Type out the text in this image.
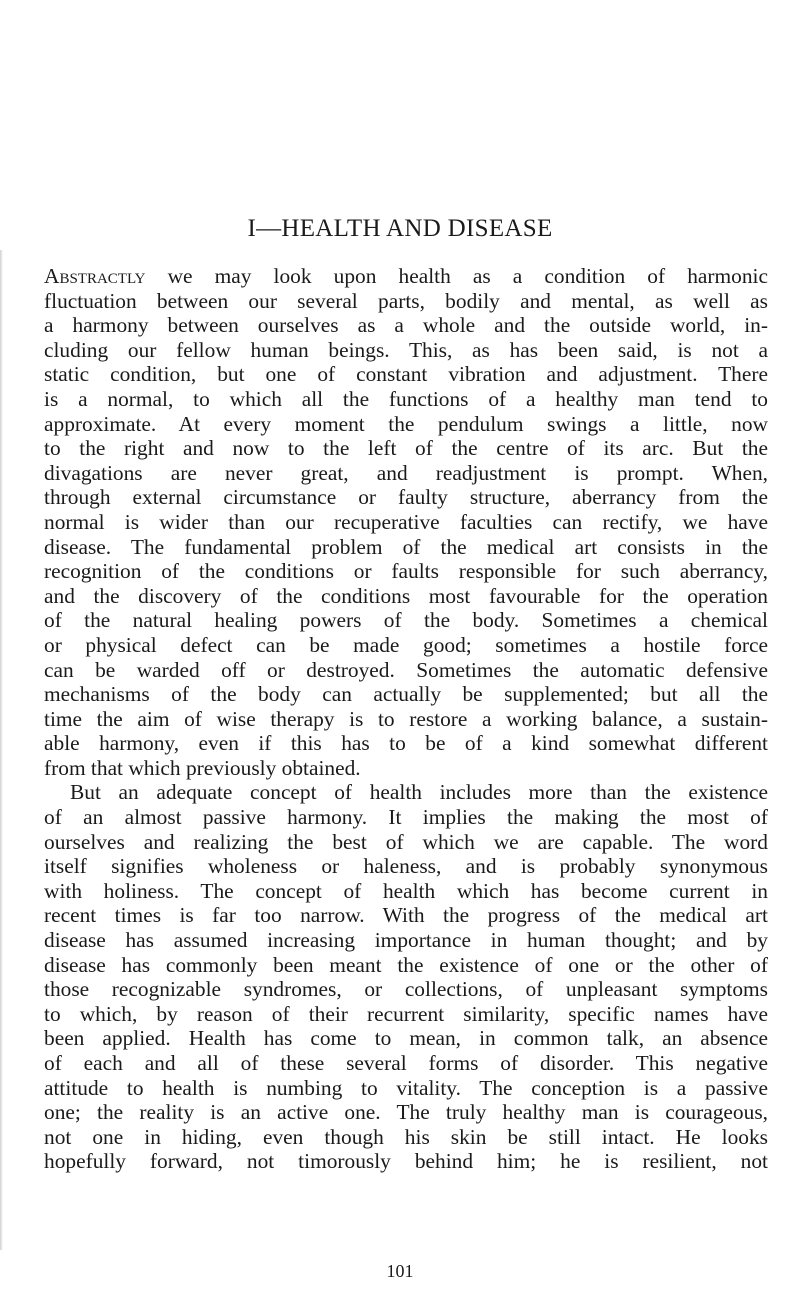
I—HEALTH AND DISEASE
Abstractly we may look upon health as a condition of harmonic
fluctuation between our several parts, bodily and mental, as well as
a harmony between ourselves as a whole and the outside world, in-
cluding our fellow human beings. This, as has been said, is not a
static condition, but one of constant vibration and adjustment. There
is a normal, to which all the functions of a healthy man tend to
approximate. At every moment the pendulum swings a little, now
to the right and now to the left of the centre of its arc. But the
divagations are never great, and readjustment is prompt. When,
through external circumstance or faulty structure, aberrancy from the
normal is wider than our recuperative faculties can rectify, we have
disease. The fundamental problem of the medical art consists in the
recognition of the conditions or faults responsible for such aberrancy,
and the discovery of the conditions most favourable for the operation
of the natural healing powers of the body. Sometimes a chemical
or physical defect can be made good; sometimes a hostile force
can be warded off or destroyed. Sometimes the automatic defensive
mechanisms of the body can actually be supplemented; but all the
time the aim of wise therapy is to restore a working balance, a sustain-
able harmony, even if this has to be of a kind somewhat different
from that which previously obtained.
But an adequate concept of health includes more than the existence
of an almost passive harmony. It implies the making the most of
ourselves and realizing the best of which we are capable. The word
itself signifies wholeness or haleness, and is probably synonymous
with holiness. The concept of health which has become current in
recent times is far too narrow. With the progress of the medical art
disease has assumed increasing importance in human thought; and by
disease has commonly been meant the existence of one or the other of
those recognizable syndromes, or collections, of unpleasant symptoms
to which, by reason of their recurrent similarity, specific names have
been applied. Health has come to mean, in common talk, an absence
of each and all of these several forms of disorder. This negative
attitude to health is numbing to vitality. The conception is a passive
one; the reality is an active one. The truly healthy man is courageous,
not one in hiding, even though his skin be still intact. He looks
hopefully forward, not timorously behind him; he is resilient, not
101
